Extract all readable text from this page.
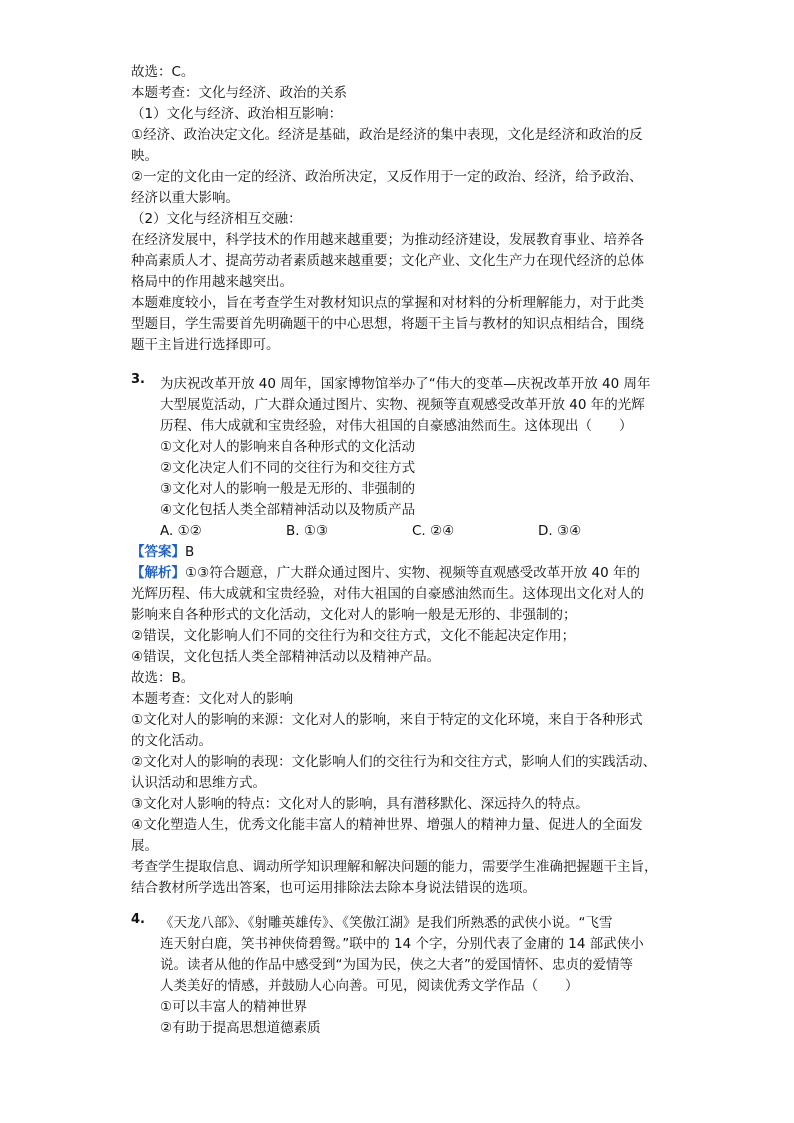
故选：C。
本题考查：文化与经济、政治的关系
（1）文化与经济、政治相互影响：
①经济、政治决定文化。经济是基础，政治是经济的集中表现，文化是经济和政治的反
映。
②一定的文化由一定的经济、政治所决定，又反作用于一定的政治、经济，给予政治、
经济以重大影响。
（2）文化与经济相互交融：
在经济发展中，科学技术的作用越来越重要；为推动经济建设，发展教育事业、培养各
种高素质人才、提高劳动者素质越来越重要；文化产业、文化生产力在现代经济的总体
格局中的作用越来越突出。
本题难度较小，旨在考查学生对教材知识点的掌握和对材料的分析理解能力，对于此类
型题目，学生需要首先明确题干的中心思想，将题干主旨与教材的知识点相结合，围绕
题干主旨进行选择即可。
3. 为庆祝改革开放 40 周年，国家博物馆举办了“伟大的变革—庆祝改革开放 40 周年
大型展览活动，广大群众通过图片、实物、视频等直观感受改革开放 40 年的光辉
历程、伟大成就和宝贵经验，对伟大祖国的自豪感油然而生。这体现出（　　）
①文化对人的影响来自各种形式的文化活动
②文化决定人们不同的交往行为和交往方式
③文化对人的影响一般是无形的、非强制的
④文化包括人类全部精神活动以及物质产品
A. ①②	B. ①③	C. ②④	D. ③④
【答案】B
【解析】①③符合题意，广大群众通过图片、实物、视频等直观感受改革开放 40 年的
光辉历程、伟大成就和宝贵经验，对伟大祖国的自豪感油然而生。这体现出文化对人的
影响来自各种形式的文化活动，文化对人的影响一般是无形的、非强制的；
②错误，文化影响人们不同的交往行为和交往方式，文化不能起决定作用；
④错误，文化包括人类全部精神活动以及精神产品。
故选：B。
本题考查：文化对人的影响
①文化对人的影响的来源：文化对人的影响，来自于特定的文化环境，来自于各种形式
的文化活动。
②文化对人的影响的表现：文化影响人们的交往行为和交往方式，影响人们的实践活动、
认识活动和思维方式。
③文化对人影响的特点：文化对人的影响，具有潜移默化、深远持久的特点。
④文化塑造人生，优秀文化能丰富人的精神世界、增强人的精神力量、促进人的全面发
展。
考查学生提取信息、调动所学知识理解和解决问题的能力，需要学生准确把握题干主旨，
结合教材所学选出答案，也可运用排除法去除本身说法错误的选项。
4. 《天龙八部》、《射雕英雄传》、《笑傲江湖》是我们所熟悉的武侠小说。“飞雪
连天射白鹿，笑书神侠倚碧鸳。”联中的 14 个字，分别代表了金庸的 14 部武侠小
说。读者从他的作品中感受到“为国为民，侠之大者”的爱国情怀、忠贞的爱情等
人类美好的情感，并鼓励人心向善。可见，阅读优秀文学作品（　　）
①可以丰富人的精神世界
②有助于提高思想道德素质
